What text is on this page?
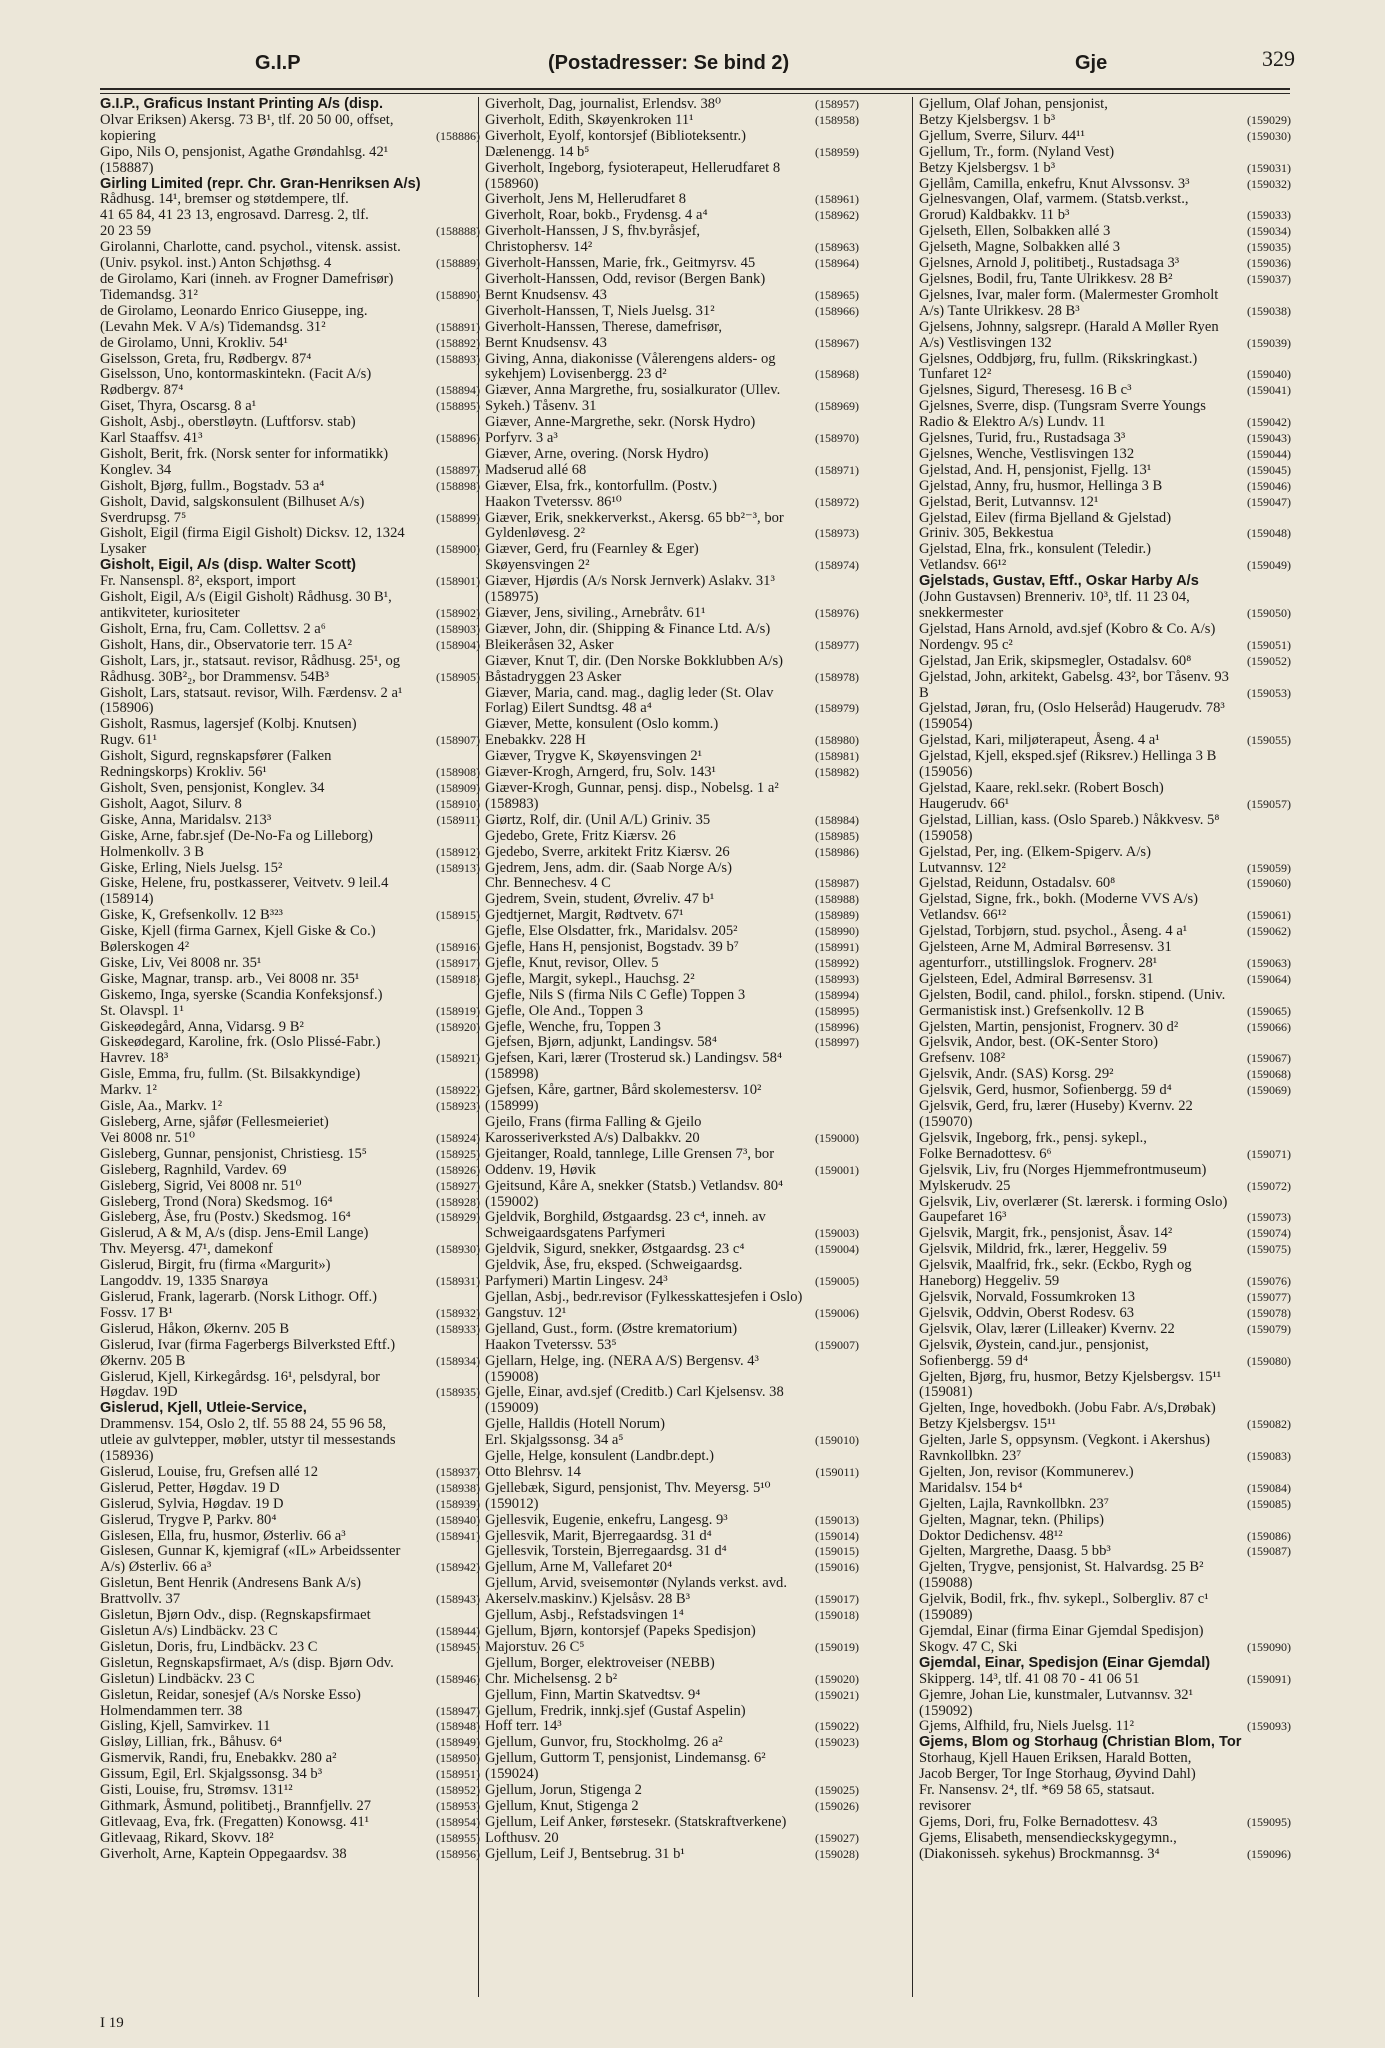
G.I.P	(Postadresser: Se bind 2)	Gje	329
G.I.P., Graficus Instant Printing A/s (disp.
Olvar Eriksen) Akersg. 73 B¹, tlf. 20 50 00, offset,
kopiering	(158886)
Gipo, Nils O, pensjonist, Agathe Grøndahlsg. 42¹
(158887)
Girling Limited (repr. Chr. Gran-Henriksen A/s)
Rådhusg. 14¹, bremser og støtdempere, tlf.
41 65 84, 41 23 13, engrosavd. Darresg. 2, tlf.
20 23 59	(158888)
Girolanni, Charlotte, cand. psychol., vitensk. assist.
(Univ. psykol. inst.) Anton Schjøthsg. 4	(158889)
de Girolamo, Kari (inneh. av Frogner Damefrisør)
Tidemandsg. 31²	(158890)
de Girolamo, Leonardo Enrico Giuseppe, ing.
(Levahn Mek. V A/s) Tidemandsg. 31²	(158891)
de Girolamo, Unni, Krokliv. 54¹	(158892)
Giselsson, Greta, fru, Rødbergv. 87⁴	(158893)
Giselsson, Uno, kontormaskintekn. (Facit A/s)
Rødbergv. 87⁴	(158894)
Giset, Thyra, Oscarsg. 8 a¹	(158895)
Gisholt, Asbj., oberstløytn. (Luftforsv. stab)
Karl Staaffsv. 41³	(158896)
Gisholt, Berit, frk. (Norsk senter for informatikk)
Konglev. 34	(158897)
Gisholt, Bjørg, fullm., Bogstadv. 53 a⁴	(158898)
Gisholt, David, salgskonsulent (Bilhuset A/s)
Sverdrupsg. 7⁵	(158899)
Gisholt, Eigil (firma Eigil Gisholt) Dicksv. 12, 1324
Lysaker	(158900)
Gisholt, Eigil, A/s (disp. Walter Scott)
Fr. Nansenspl. 8², eksport, import	(158901)
Gisholt, Eigil, A/s (Eigil Gisholt) Rådhusg. 30 B¹,
antikviteter, kuriositeter	(158902)
Gisholt, Erna, fru, Cam. Collettsv. 2 a⁶	(158903)
Gisholt, Hans, dir., Observatorie terr. 15 A²	(158904)
Gisholt, Lars, jr., statsaut. revisor, Rådhusg. 25¹, og
Rådhusg. 30B²₂, bor Drammensv. 54B³	(158905)
Gisholt, Lars, statsaut. revisor, Wilh. Færdensv. 2 a¹
(158906)
Gisholt, Rasmus, lagersjef (Kolbj. Knutsen)
Rugv. 61¹	(158907)
Gisholt, Sigurd, regnskapsfører (Falken
Redningskorps) Krokliv. 56¹	(158908)
Gisholt, Sven, pensjonist, Konglev. 34	(158909)
Gisholt, Aagot, Silurv. 8	(158910)
Giske, Anna, Maridalsv. 213³	(158911)
Giske, Arne, fabr.sjef (De-No-Fa og Lilleborg)
Holmenkollv. 3 B	(158912)
Giske, Erling, Niels Juelsg. 15²	(158913)
Giske, Helene, fru, postkasserer, Veitvetv. 9 leil.4
(158914)
Giske, K, Grefsenkollv. 12 B³²³	(158915)
Giske, Kjell (firma Garnex, Kjell Giske & Co.)
Bølerskogen 4²	(158916)
Giske, Liv, Vei 8008 nr. 35¹	(158917)
Giske, Magnar, transp. arb., Vei 8008 nr. 35¹	(158918)
Giskemo, Inga, syerske (Scandia Konfeksjonsf.)
St. Olavspl. 1¹	(158919)
Giskeødegård, Anna, Vidarsg. 9 B²	(158920)
Giskeødegard, Karoline, frk. (Oslo Plissé-Fabr.)
Havrev. 18³	(158921)
Gisle, Emma, fru, fullm. (St. Bilsakkyndige)
Markv. 1²	(158922)
Gisle, Aa., Markv. 1²	(158923)
Gisleberg, Arne, sjåfør (Fellesmeieriet)
Vei 8008 nr. 51⁰	(158924)
Gisleberg, Gunnar, pensjonist, Christiesg. 15⁵	(158925)
Gisleberg, Ragnhild, Vardev. 69	(158926)
Gisleberg, Sigrid, Vei 8008 nr. 51⁰	(158927)
Gisleberg, Trond (Nora) Skedsmog. 16⁴	(158928)
Gisleberg, Åse, fru (Postv.) Skedsmog. 16⁴	(158929)
Gislerud, A & M, A/s (disp. Jens-Emil Lange)
Thv. Meyersg. 47¹, damekonf	(158930)
Gislerud, Birgit, fru (firma «Margurit»)
Langoddv. 19, 1335 Snarøya	(158931)
Gislerud, Frank, lagerarb. (Norsk Lithogr. Off.)
Fossv. 17 B¹	(158932)
Gislerud, Håkon, Økernv. 205 B	(158933)
Gislerud, Ivar (firma Fagerbergs Bilverksted Eftf.)
Økernv. 205 B	(158934)
Gislerud, Kjell, Kirkegårdsg. 16¹, pelsdyral, bor
Høgdav. 19D	(158935)
Gislerud, Kjell, Utleie-Service,
Drammensv. 154, Oslo 2, tlf. 55 88 24, 55 96 58,
utleie av gulvtepper, møbler, utstyr til messestands
(158936)
Gislerud, Louise, fru, Grefsen allé 12	(158937)
Gislerud, Petter, Høgdav. 19 D	(158938)
Gislerud, Sylvia, Høgdav. 19 D	(158939)
Gislerud, Trygve P, Parkv. 80⁴	(158940)
Gislesen, Ella, fru, husmor, Østerliv. 66 a³	(158941)
Gislesen, Gunnar K, kjemigraf («IL» Arbeidssenter
A/s) Østerliv. 66 a³	(158942)
Gisletun, Bent Henrik (Andresens Bank A/s)
Brattvollv. 37	(158943)
Gisletun, Bjørn Odv., disp. (Regnskapsfirmaet
Gisletun A/s) Lindbäckv. 23 C	(158944)
Gisletun, Doris, fru, Lindbäckv. 23 C	(158945)
Gisletun, Regnskapsfirmaet, A/s (disp. Bjørn Odv.
Gisletun) Lindbäckv. 23 C	(158946)
Gisletun, Reidar, sonesjef (A/s Norske Esso)
Holmendammen terr. 38	(158947)
Gisling, Kjell, Samvirkev. 11	(158948)
Gisløy, Lillian, frk., Båhusv. 6⁴	(158949)
Gismervik, Randi, fru, Enebakkv. 280 a²	(158950)
Gissum, Egil, Erl. Skjalgssonsg. 34 b³	(158951)
Gisti, Louise, fru, Strømsv. 131¹²	(158952)
Githmark, Åsmund, politibetj., Brannfjellv. 27	(158953)
Gitlevaag, Eva, frk. (Fregatten) Konowsg. 41¹	(158954)
Gitlevaag, Rikard, Skovv. 18²	(158955)
Giverholt, Arne, Kaptein Oppegaardsv. 38	(158956)
Giverholt, Dag, journalist, Erlendsv. 38⁰	(158957)
Giverholt, Edith, Skøyenkroken 11¹	(158958)
Giverholt, Eyolf, kontorsjef (Biblioteksentr.)
Dælenengg. 14 b⁵	(158959)
Giverholt, Ingeborg, fysioterapeut, Hellerudfaret 8
(158960)
Giverholt, Jens M, Hellerudfaret 8	(158961)
Giverholt, Roar, bokb., Frydensg. 4 a⁴	(158962)
Giverholt-Hanssen, J S, fhv.byråsjef,
Christophersv. 14²	(158963)
Giverholt-Hanssen, Marie, frk., Geitmyrsv. 45	(158964)
Giverholt-Hanssen, Odd, revisor (Bergen Bank)
Bernt Knudsensv. 43	(158965)
Giverholt-Hanssen, T, Niels Juelsg. 31²	(158966)
Giverholt-Hanssen, Therese, damefrisør,
Bernt Knudsensv. 43	(158967)
Giving, Anna, diakonisse (Vålerengens alders- og
sykehjem) Lovisenbergg. 23 d²	(158968)
Giæver, Anna Margrethe, fru, sosialkurator (Ullev.
Sykeh.) Tåsenv. 31	(158969)
Giæver, Anne-Margrethe, sekr. (Norsk Hydro)
Porfyrv. 3 a³	(158970)
Giæver, Arne, overing. (Norsk Hydro)
Madserud allé 68	(158971)
Giæver, Elsa, frk., kontorfullm. (Postv.)
Haakon Tveterssv. 86¹⁰	(158972)
Giæver, Erik, snekkerverkst., Akersg. 65 bb²⁻³, bor
Gyldenløvesg. 2²	(158973)
Giæver, Gerd, fru (Fearnley & Eger)
Skøyensvingen 2²	(158974)
Giæver, Hjørdis (A/s Norsk Jernverk) Aslakv. 31³
(158975)
Giæver, Jens, siviling., Arnebråtv. 61¹	(158976)
Giæver, John, dir. (Shipping & Finance Ltd. A/s)
Bleikeråsen 32, Asker	(158977)
Giæver, Knut T, dir. (Den Norske Bokklubben A/s)
Båstadryggen 23 Asker	(158978)
Giæver, Maria, cand. mag., daglig leder (St. Olav
Forlag) Eilert Sundtsg. 48 a⁴	(158979)
Giæver, Mette, konsulent (Oslo komm.)
Enebakkv. 228 H	(158980)
Giæver, Trygve K, Skøyensvingen 2¹	(158981)
Giæver-Krogh, Arngerd, fru, Solv. 143¹	(158982)
Giæver-Krogh, Gunnar, pensj. disp., Nobelsg. 1 a²
(158983)
Giørtz, Rolf, dir. (Unil A/L) Griniv. 35	(158984)
Gjedebo, Grete, Fritz Kiærsv. 26	(158985)
Gjedebo, Sverre, arkitekt Fritz Kiærsv. 26	(158986)
Gjedrem, Jens, adm. dir. (Saab Norge A/s)
Chr. Bennechesv. 4 C	(158987)
Gjedrem, Svein, student, Øvreliv. 47 b¹	(158988)
Gjedtjernet, Margit, Rødtvetv. 67¹	(158989)
Gjefle, Else Olsdatter, frk., Maridalsv. 205²	(158990)
Gjefle, Hans H, pensjonist, Bogstadv. 39 b⁷	(158991)
Gjefle, Knut, revisor, Ollev. 5	(158992)
Gjefle, Margit, sykepl., Hauchsg. 2²	(158993)
Gjefle, Nils S (firma Nils C Gefle) Toppen 3	(158994)
Gjefle, Ole And., Toppen 3	(158995)
Gjefle, Wenche, fru, Toppen 3	(158996)
Gjefsen, Bjørn, adjunkt, Landingsv. 58⁴	(158997)
Gjefsen, Kari, lærer (Trosterud sk.) Landingsv. 58⁴
(158998)
Gjefsen, Kåre, gartner, Bård skolemestersv. 10²
(158999)
Gjeilo, Frans (firma Falling & Gjeilo
Karosseriverksted A/s) Dalbakkv. 20	(159000)
Gjeitanger, Roald, tannlege, Lille Grensen 7³, bor
Oddenv. 19, Høvik	(159001)
Gjeitsund, Kåre A, snekker (Statsb.) Vetlandsv. 80⁴
(159002)
Gjeldvik, Borghild, Østgaardsg. 23 c⁴, inneh. av
Schweigaardsgatens Parfymeri	(159003)
Gjeldvik, Sigurd, snekker, Østgaardsg. 23 c⁴	(159004)
Gjeldvik, Åse, fru, eksped. (Schweigaardsg.
Parfymeri) Martin Lingesv. 24³	(159005)
Gjellan, Asbj., bedr.revisor (Fylkesskattesjefen i Oslo)
Gangstuv. 12¹	(159006)
Gjelland, Gust., form. (Østre krematorium)
Haakon Tveterssv. 53⁵	(159007)
Gjellarn, Helge, ing. (NERA A/S) Bergensv. 4³
(159008)
Gjelle, Einar, avd.sjef (Creditb.) Carl Kjelsensv. 38
(159009)
Gjelle, Halldis (Hotell Norum)
Erl. Skjalgssonsg. 34 a⁵	(159010)
Gjelle, Helge, konsulent (Landbr.dept.)
Otto Blehrsv. 14	(159011)
Gjellebæk, Sigurd, pensjonist, Thv. Meyersg. 5¹⁰
(159012)
Gjellesvik, Eugenie, enkefru, Langesg. 9³	(159013)
Gjellesvik, Marit, Bjerregaardsg. 31 d⁴	(159014)
Gjellesvik, Torstein, Bjerregaardsg. 31 d⁴	(159015)
Gjellum, Arne M, Vallefaret 20⁴	(159016)
Gjellum, Arvid, sveisemontør (Nylands verkst. avd.
Akerselv.maskinv.) Kjelsåsv. 28 B³	(159017)
Gjellum, Asbj., Refstadsvingen 1⁴	(159018)
Gjellum, Bjørn, kontorsjef (Papeks Spedisjon)
Majorstuv. 26 C⁵	(159019)
Gjellum, Borger, elektroveiser (NEBB)
Chr. Michelsensg. 2 b²	(159020)
Gjellum, Finn, Martin Skatvedtsv. 9⁴	(159021)
Gjellum, Fredrik, innkj.sjef (Gustaf Aspelin)
Hoff terr. 14³	(159022)
Gjellum, Gunvor, fru, Stockholmg. 26 a²	(159023)
Gjellum, Guttorm T, pensjonist, Lindemansg. 6²
(159024)
Gjellum, Jorun, Stigenga 2	(159025)
Gjellum, Knut, Stigenga 2	(159026)
Gjellum, Leif Anker, førstesekr. (Statskraftverkene)
Lofthusv. 20	(159027)
Gjellum, Leif J, Bentsebrug. 31 b¹	(159028)
Gjellum, Olaf Johan, pensjonist,
Betzy Kjelsbergsv. 1 b³	(159029)
Gjellum, Sverre, Silurv. 44¹¹	(159030)
Gjellum, Tr., form. (Nyland Vest)
Betzy Kjelsbergsv. 1 b³	(159031)
Gjellåm, Camilla, enkefru, Knut Alvssonsv. 3³	(159032)
Gjelnesvangen, Olaf, varmem. (Statsb.verkst.,
Grorud) Kaldbakkv. 11 b³	(159033)
Gjelseth, Ellen, Solbakken allé 3	(159034)
Gjelseth, Magne, Solbakken allé 3	(159035)
Gjelsnes, Arnold J, politibetj., Rustadsaga 3³	(159036)
Gjelsnes, Bodil, fru, Tante Ulrikkesv. 28 B²	(159037)
Gjelsnes, Ivar, maler form. (Malermester Gromholt
A/s) Tante Ulrikkesv. 28 B³	(159038)
Gjelsens, Johnny, salgsrepr. (Harald A Møller Ryen
A/s) Vestlisvingen 132	(159039)
Gjelsnes, Oddbjørg, fru, fullm. (Rikskringkast.)
Tunfaret 12²	(159040)
Gjelsnes, Sigurd, Theresesg. 16 B c³	(159041)
Gjelsnes, Sverre, disp. (Tungsram Sverre Youngs
Radio & Elektro A/s) Lundv. 11	(159042)
Gjelsnes, Turid, fru., Rustadsaga 3³	(159043)
Gjelsnes, Wenche, Vestlisvingen 132	(159044)
Gjelstad, And. H, pensjonist, Fjellg. 13¹	(159045)
Gjelstad, Anny, fru, husmor, Hellinga 3 B	(159046)
Gjelstad, Berit, Lutvannsv. 12¹	(159047)
Gjelstad, Eilev (firma Bjelland & Gjelstad)
Griniv. 305, Bekkestua	(159048)
Gjelstad, Elna, frk., konsulent (Teledir.)
Vetlandsv. 66¹²	(159049)
Gjelstads, Gustav, Eftf., Oskar Harby A/s
(John Gustavsen) Brenneriv. 10³, tlf. 11 23 04,
snekkermester	(159050)
Gjelstad, Hans Arnold, avd.sjef (Kobro & Co. A/s)
Nordengv. 95 c²	(159051)
Gjelstad, Jan Erik, skipsmegler, Ostadalsv. 60⁸	(159052)
Gjelstad, John, arkitekt, Gabelsg. 43², bor Tåsenv. 93
B	(159053)
Gjelstad, Jøran, fru, (Oslo Helseråd) Haugerudv. 78³
(159054)
Gjelstad, Kari, miljøterapeut, Åseng. 4 a¹	(159055)
Gjelstad, Kjell, eksped.sjef (Riksrev.) Hellinga 3 B
(159056)
Gjelstad, Kaare, rekl.sekr. (Robert Bosch)
Haugerudv. 66¹	(159057)
Gjelstad, Lillian, kass. (Oslo Spareb.) Nåkkvesv. 5⁸
(159058)
Gjelstad, Per, ing. (Elkem-Spigerv. A/s)
Lutvannsv. 12²	(159059)
Gjelstad, Reidunn, Ostadalsv. 60⁸	(159060)
Gjelstad, Signe, frk., bokh. (Moderne VVS A/s)
Vetlandsv. 66¹²	(159061)
Gjelstad, Torbjørn, stud. psychol., Åseng. 4 a¹	(159062)
Gjelsteen, Arne M, Admiral Børresensv. 31
agenturforr., utstillingslok. Frognerv. 28¹	(159063)
Gjelsteen, Edel, Admiral Børresensv. 31	(159064)
Gjelsten, Bodil, cand. philol., forskn. stipend. (Univ.
Germanistisk inst.) Grefsenkollv. 12 B	(159065)
Gjelsten, Martin, pensjonist, Frognerv. 30 d²	(159066)
Gjelsvik, Andor, best. (OK-Senter Storo)
Grefsenv. 108²	(159067)
Gjelsvik, Andr. (SAS) Korsg. 29²	(159068)
Gjelsvik, Gerd, husmor, Sofienbergg. 59 d⁴	(159069)
Gjelsvik, Gerd, fru, lærer (Huseby) Kvernv. 22
(159070)
Gjelsvik, Ingeborg, frk., pensj. sykepl.,
Folke Bernadottesv. 6⁶	(159071)
Gjelsvik, Liv, fru (Norges Hjemmefrontmuseum)
Mylskerudv. 25	(159072)
Gjelsvik, Liv, overlærer (St. lærersk. i forming Oslo)
Gaupefaret 16³	(159073)
Gjelsvik, Margit, frk., pensjonist, Åsav. 14²	(159074)
Gjelsvik, Mildrid, frk., lærer, Heggeliv. 59	(159075)
Gjelsvik, Maalfrid, frk., sekr. (Eckbo, Rygh og
Haneborg) Heggeliv. 59	(159076)
Gjelsvik, Norvald, Fossumkroken 13	(159077)
Gjelsvik, Oddvin, Oberst Rodesv. 63	(159078)
Gjelsvik, Olav, lærer (Lilleaker) Kvernv. 22	(159079)
Gjelsvik, Øystein, cand.jur., pensjonist,
Sofienbergg. 59 d⁴	(159080)
Gjelten, Bjørg, fru, husmor, Betzy Kjelsbergsv. 15¹¹
(159081)
Gjelten, Inge, hovedbokh. (Jobu Fabr. A/s,Drøbak)
Betzy Kjelsbergsv. 15¹¹	(159082)
Gjelten, Jarle S, oppsynsm. (Vegkont. i Akershus)
Ravnkollbkn. 23⁷	(159083)
Gjelten, Jon, revisor (Kommunerev.)
Maridalsv. 154 b⁴	(159084)
Gjelten, Lajla, Ravnkollbkn. 23⁷	(159085)
Gjelten, Magnar, tekn. (Philips)
Doktor Dedichensv. 48¹²	(159086)
Gjelten, Margrethe, Daasg. 5 bb³	(159087)
Gjelten, Trygve, pensjonist, St. Halvardsg. 25 B²
(159088)
Gjelvik, Bodil, frk., fhv. sykepl., Solbergliv. 87 c¹
(159089)
Gjemdal, Einar (firma Einar Gjemdal Spedisjon)
Skogv. 47 C, Ski	(159090)
Gjemdal, Einar, Spedisjon (Einar Gjemdal)
Skipperg. 14³, tlf. 41 08 70 - 41 06 51	(159091)
Gjemre, Johan Lie, kunstmaler, Lutvannsv. 32¹
(159092)
Gjems, Alfhild, fru, Niels Juelsg. 11²	(159093)
Gjems, Blom og Storhaug (Christian Blom, Tor
Storhaug, Kjell Hauen Eriksen, Harald Botten,
Jacob Berger, Tor Inge Storhaug, Øyvind Dahl)
Fr. Nansensv. 2⁴, tlf. *69 58 65, statsaut.
revisorer
Gjems, Dori, fru, Folke Bernadottesv. 43	(159095)
Gjems, Elisabeth, mensendieckskygegymn.,
(Diakonisseh. sykehus) Brockmannsg. 3⁴	(159096)
I 19
